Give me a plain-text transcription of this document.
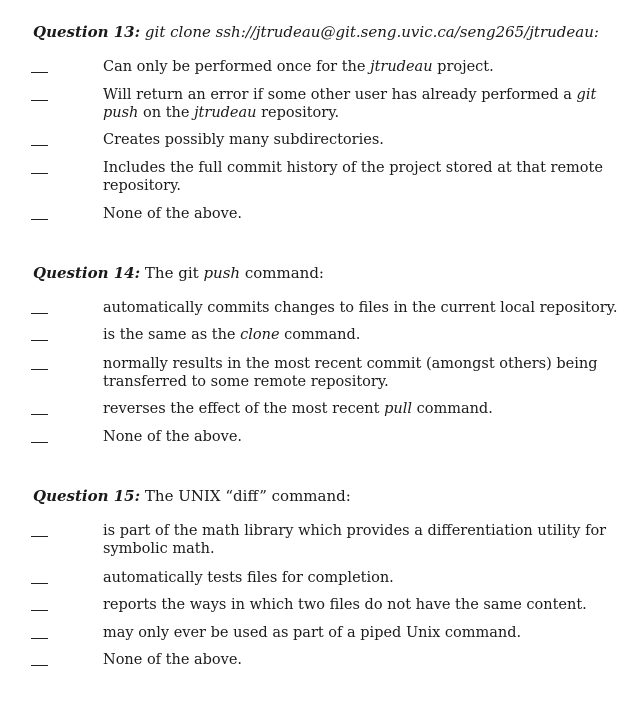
Question 13: git clone ssh://jtrudeau@git.seng.uvic.ca/seng265/jtrudeau:
Can only be performed once for the jtrudeau project.
Will return an error if some other user has already performed a git push on the jtrudeau repository.
Creates possibly many subdirectories.
Includes the full commit history of the project stored at that remote repository.
None of the above.
Question 14: The git push command:
automatically commits changes to files in the current local repository.
is the same as the clone command.
normally results in the most recent commit (amongst others) being transferred to some remote repository.
reverses the effect of the most recent pull command.
None of the above.
Question 15: The UNIX “diff” command:
is part of the math library which provides a differentiation utility for symbolic math.
automatically tests files for completion.
reports the ways in which two files do not have the same content.
may only ever be used as part of a piped Unix command.
None of the above.
